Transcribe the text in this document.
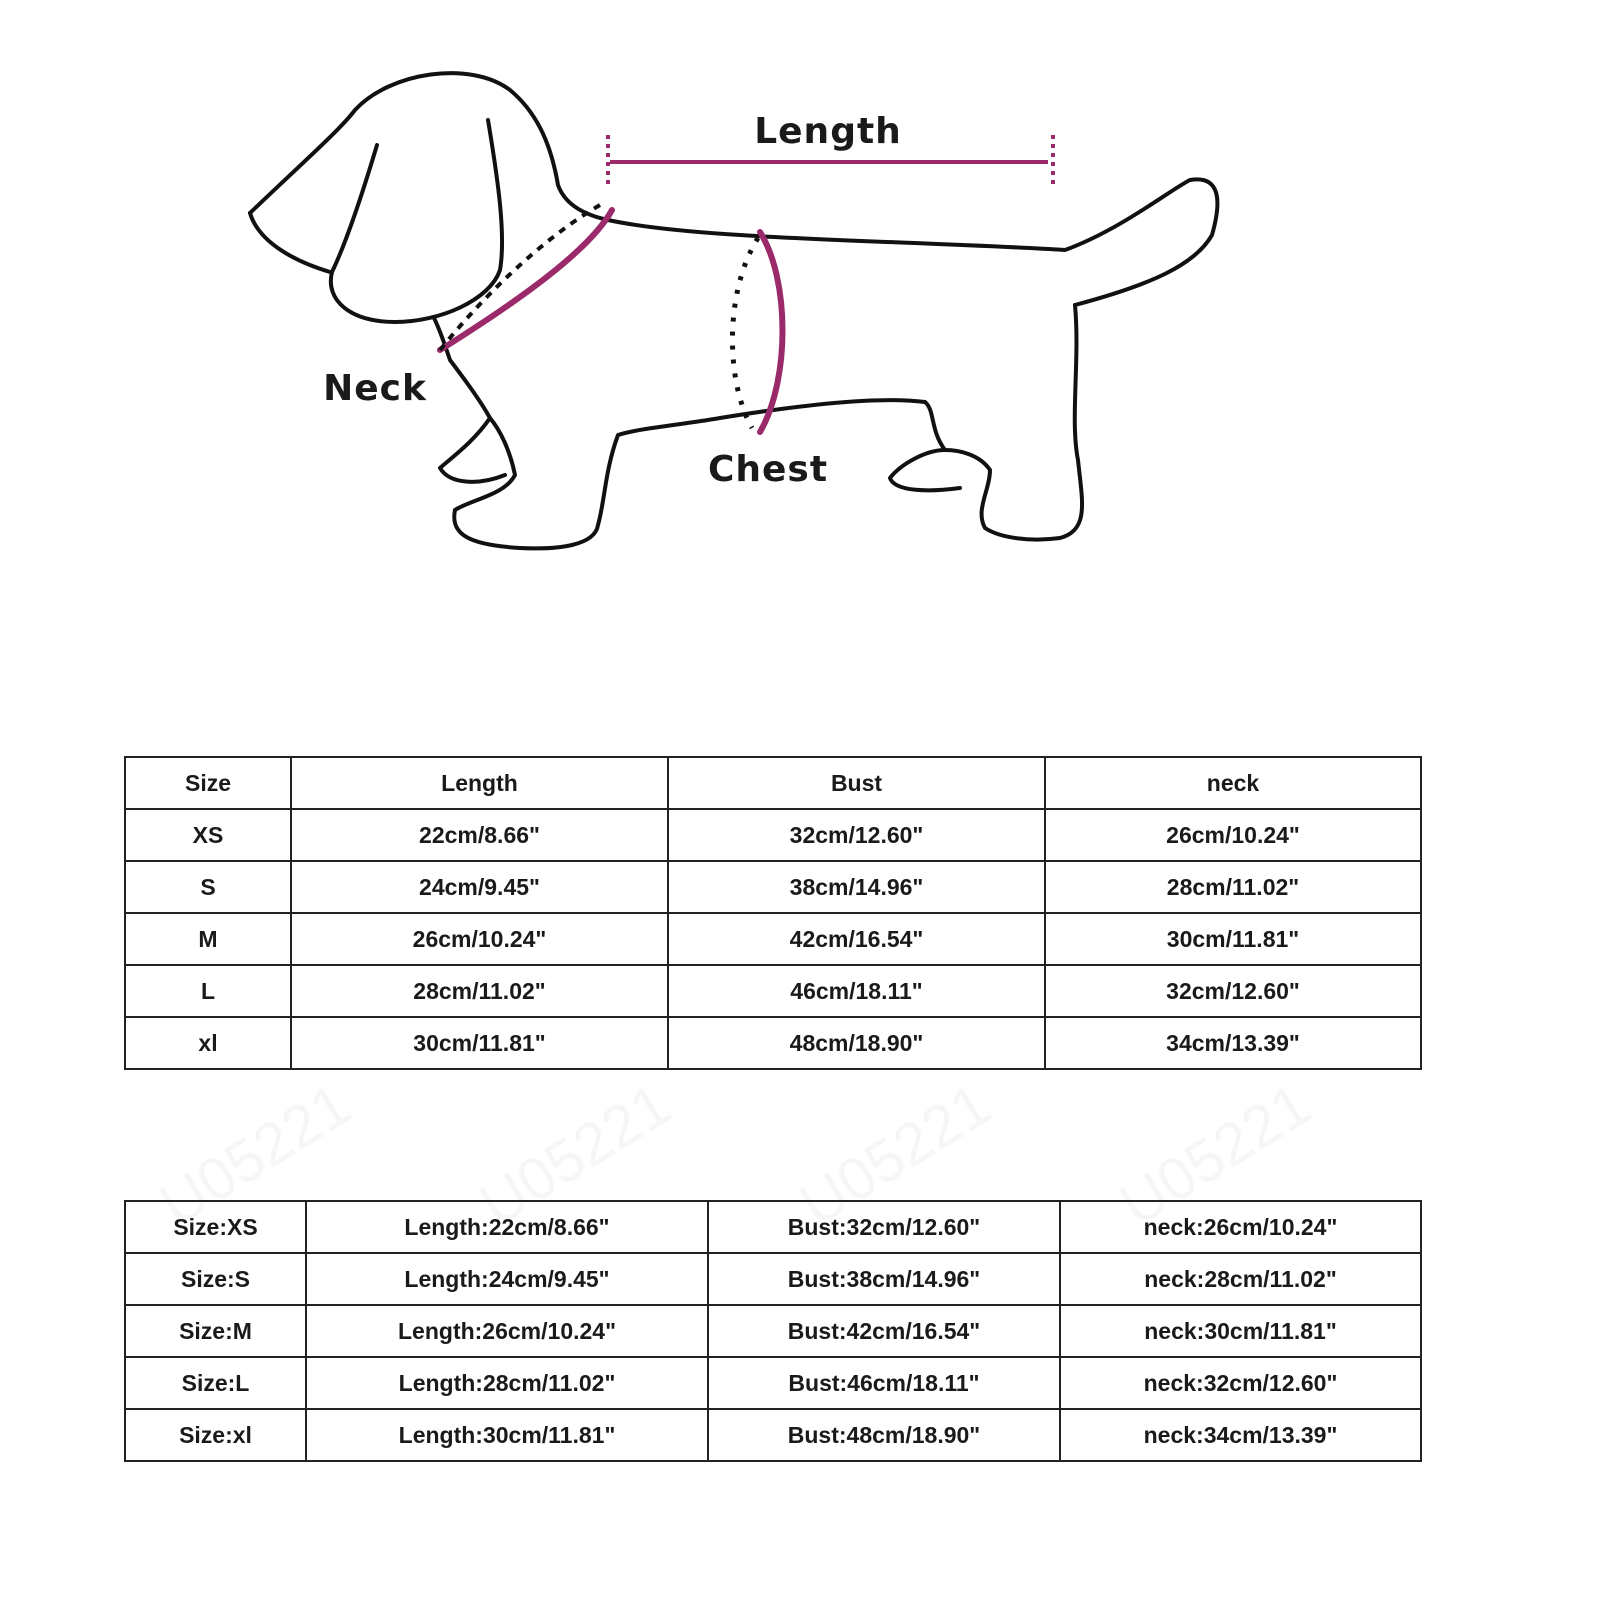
Length
Neck
Chest
Size	Length	Bust	neck
XS	22cm/8.66"	32cm/12.60"	26cm/10.24"
S	24cm/9.45"	38cm/14.96"	28cm/11.02"
M	26cm/10.24"	42cm/16.54"	30cm/11.81"
L	28cm/11.02"	46cm/18.11"	32cm/12.60"
xl	30cm/11.81"	48cm/18.90"	34cm/13.39"
Size:XS	Length:22cm/8.66"	Bust:32cm/12.60"	neck:26cm/10.24"
Size:S	Length:24cm/9.45"	Bust:38cm/14.96"	neck:28cm/11.02"
Size:M	Length:26cm/10.24"	Bust:42cm/16.54"	neck:30cm/11.81"
Size:L	Length:28cm/11.02"	Bust:46cm/18.11"	neck:32cm/12.60"
Size:xl	Length:30cm/11.81"	Bust:48cm/18.90"	neck:34cm/13.39"
